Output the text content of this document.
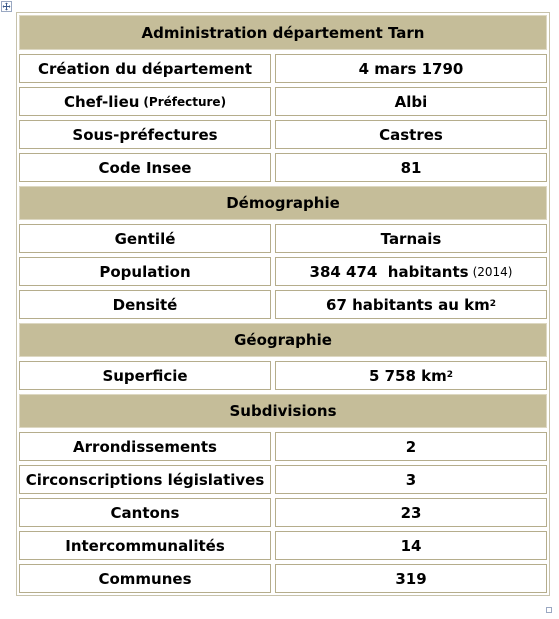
Administration département Tarn	

Création du département	4 mars 1790

Chef-lieu (Préfecture)	Albi

Sous-préfectures	Castres

Code Insee	81

Démographie	

Gentilé	Tarnais

Population	384 474  habitants (2014)

Densité	67 habitants au $km^2$

Géographie	

Superficie	5 758 $km^2$

Subdivisions	

Arrondissements	2

Circonscriptions législatives	3

Cantons	23

Intercommunalités	14

Communes	319
